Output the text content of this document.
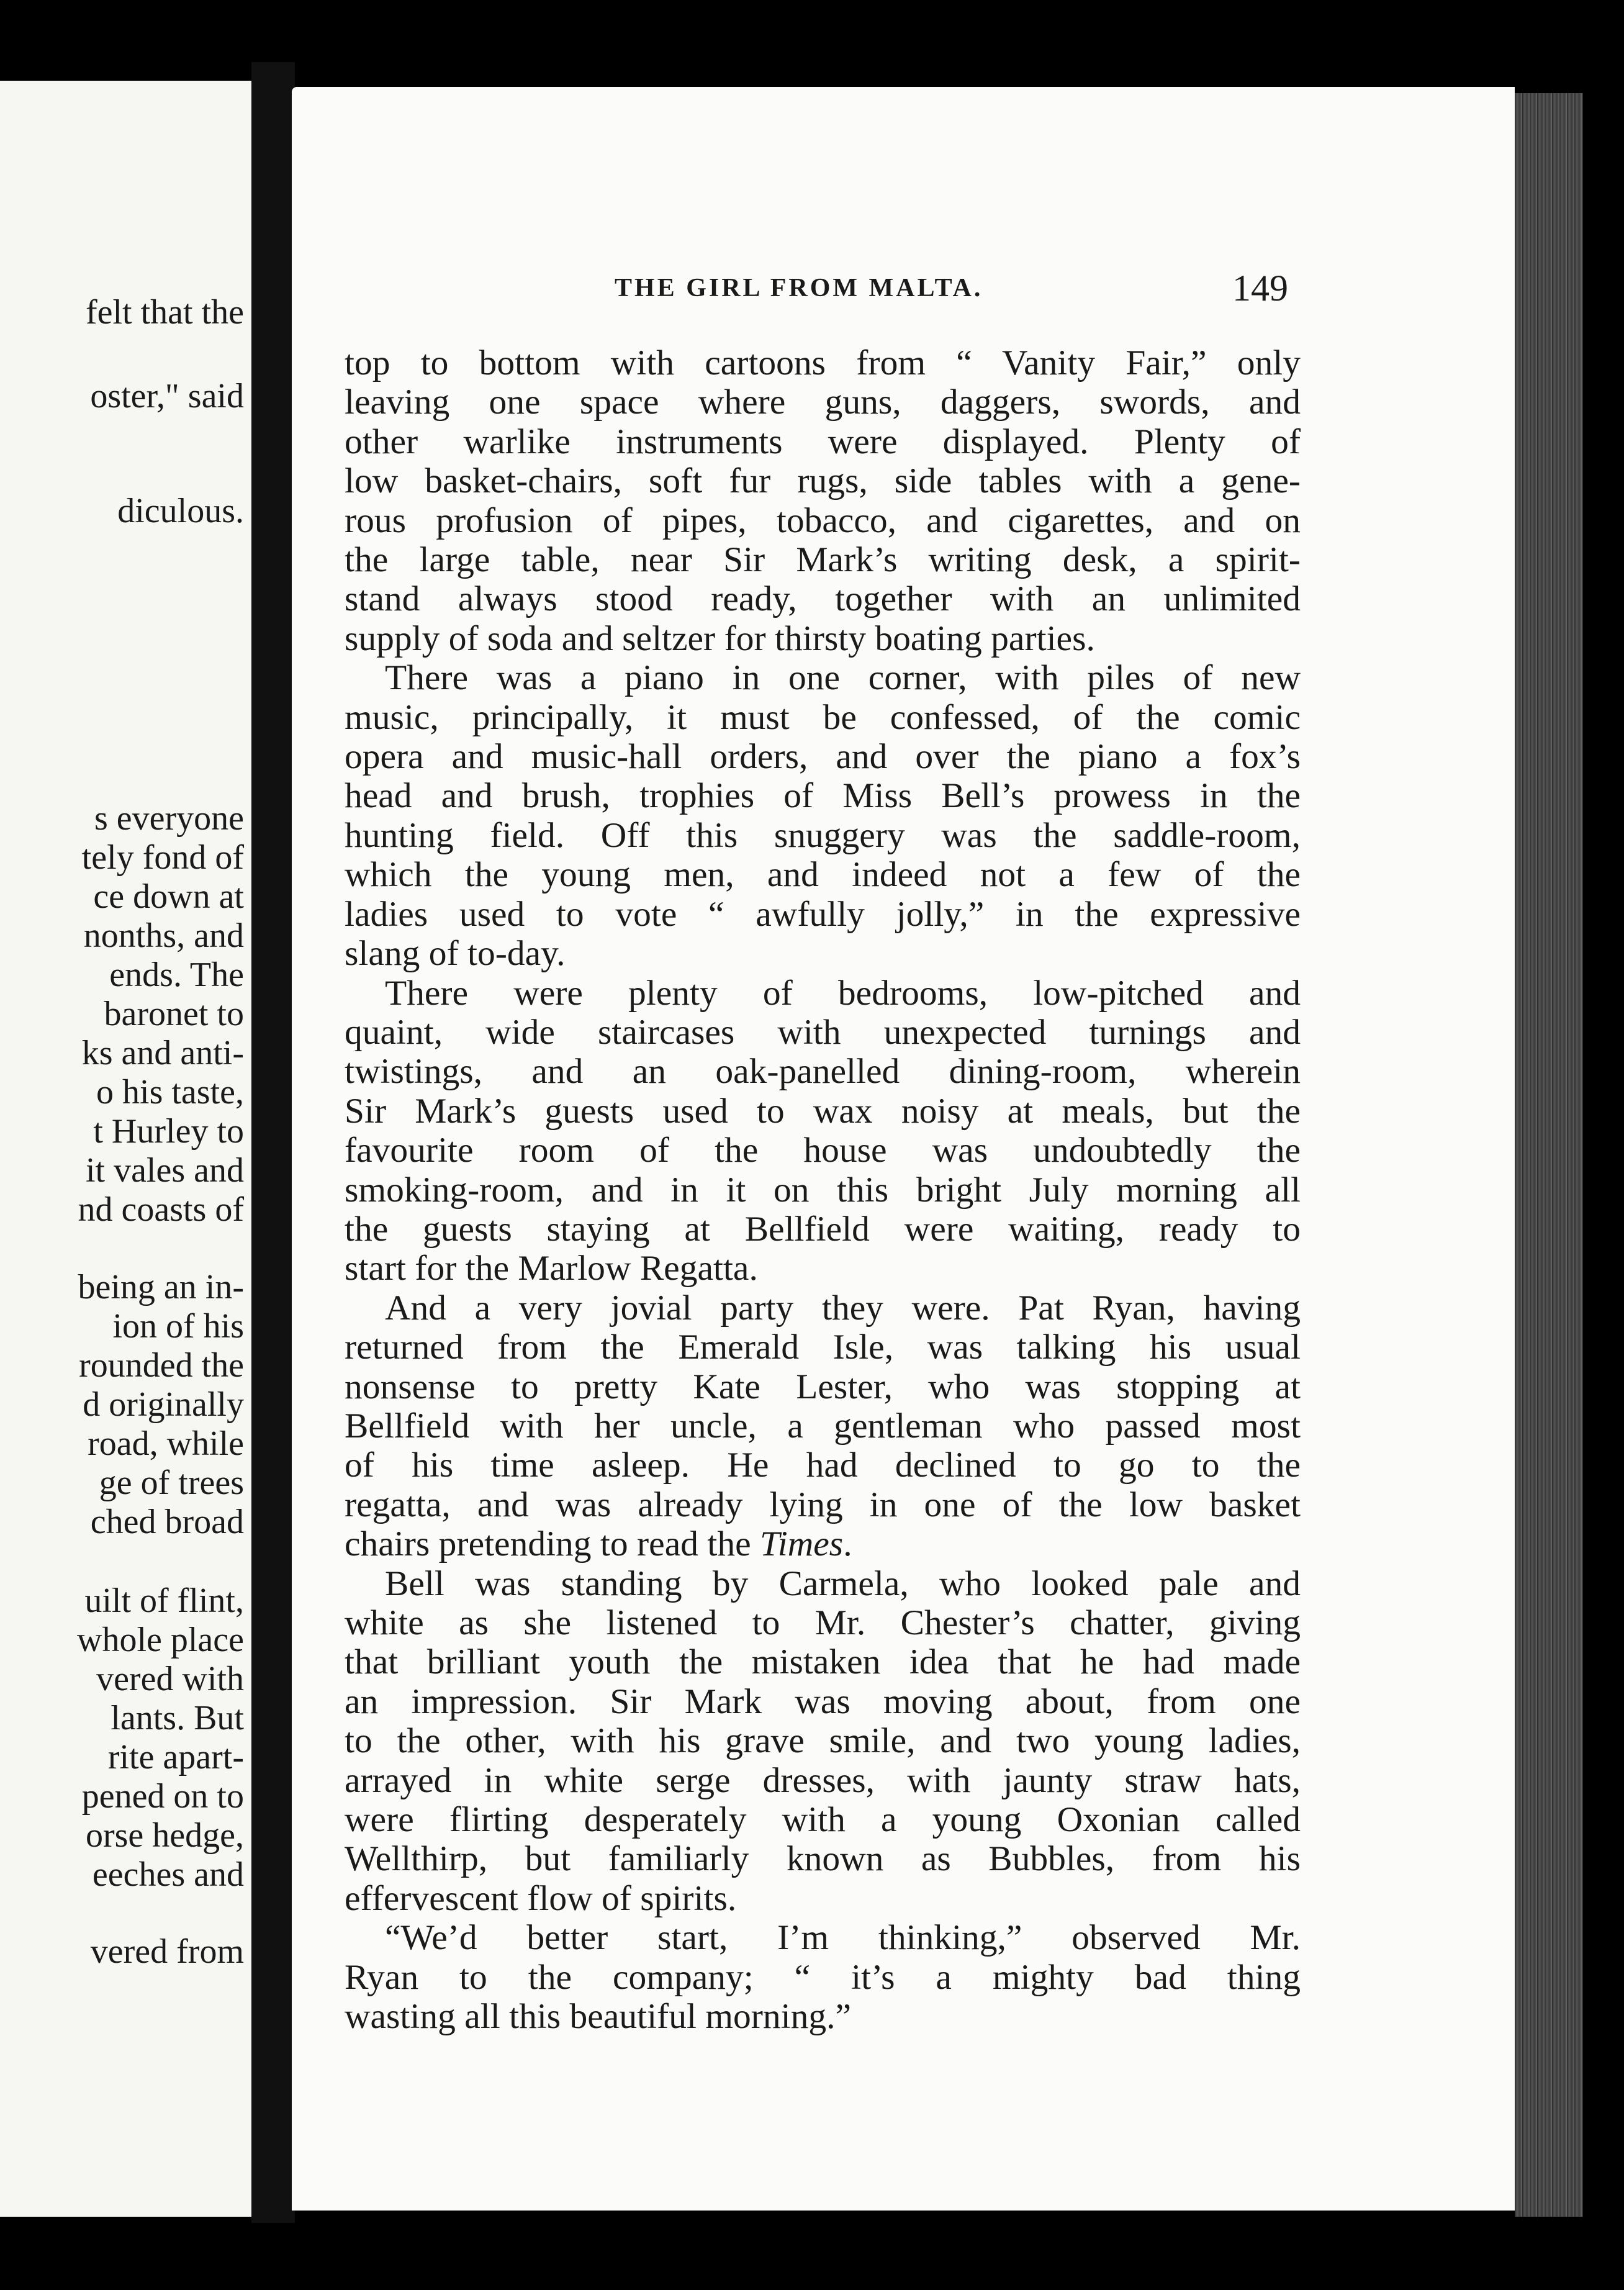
felt that the
oster," said
diculous.
s everyone
tely fond of
ce down at
nonths, and
ends. The
baronet to
ks and anti-
o his taste,
t Hurley to
it vales and
nd coasts of
being an in-
ion of his
rounded the
d originally
road, while
ge of trees
ched broad
uilt of flint,
whole place
vered with
lants. But
rite apart-
pened on to
orse hedge,
eeches and
vered from
THE GIRL FROM MALTA.	149

top to bottom with cartoons from “ Vanity Fair,” only
leaving one space where guns, daggers, swords, and
other warlike instruments were displayed. Plenty of
low basket-chairs, soft fur rugs, side tables with a gene-
rous profusion of pipes, tobacco, and cigarettes, and on
the large table, near Sir Mark’s writing desk, a spirit-
stand always stood ready, together with an unlimited
supply of soda and seltzer for thirsty boating parties.

There was a piano in one corner, with piles of new
music, principally, it must be confessed, of the comic
opera and music-hall orders, and over the piano a fox’s
head and brush, trophies of Miss Bell’s prowess in the
hunting field. Off this snuggery was the saddle-room,
which the young men, and indeed not a few of the
ladies used to vote “ awfully jolly,” in the expressive
slang of to-day.

There were plenty of bedrooms, low-pitched and
quaint, wide staircases with unexpected turnings and
twistings, and an oak-panelled dining-room, wherein
Sir Mark’s guests used to wax noisy at meals, but the
favourite room of the house was undoubtedly the
smoking-room, and in it on this bright July morning all
the guests staying at Bellfield were waiting, ready to
start for the Marlow Regatta.

And a very jovial party they were. Pat Ryan, having
returned from the Emerald Isle, was talking his usual
nonsense to pretty Kate Lester, who was stopping at
Bellfield with her uncle, a gentleman who passed most
of his time asleep. He had declined to go to the
regatta, and was already lying in one of the low basket
chairs pretending to read the Times.

Bell was standing by Carmela, who looked pale and
white as she listened to Mr. Chester’s chatter, giving
that brilliant youth the mistaken idea that he had made
an impression. Sir Mark was moving about, from one
to the other, with his grave smile, and two young ladies,
arrayed in white serge dresses, with jaunty straw hats,
were flirting desperately with a young Oxonian called
Wellthirp, but familiarly known as Bubbles, from his
effervescent flow of spirits.

“We’d better start, I’m thinking,” observed Mr.
Ryan to the company; “ it’s a mighty bad thing
wasting all this beautiful morning.”
